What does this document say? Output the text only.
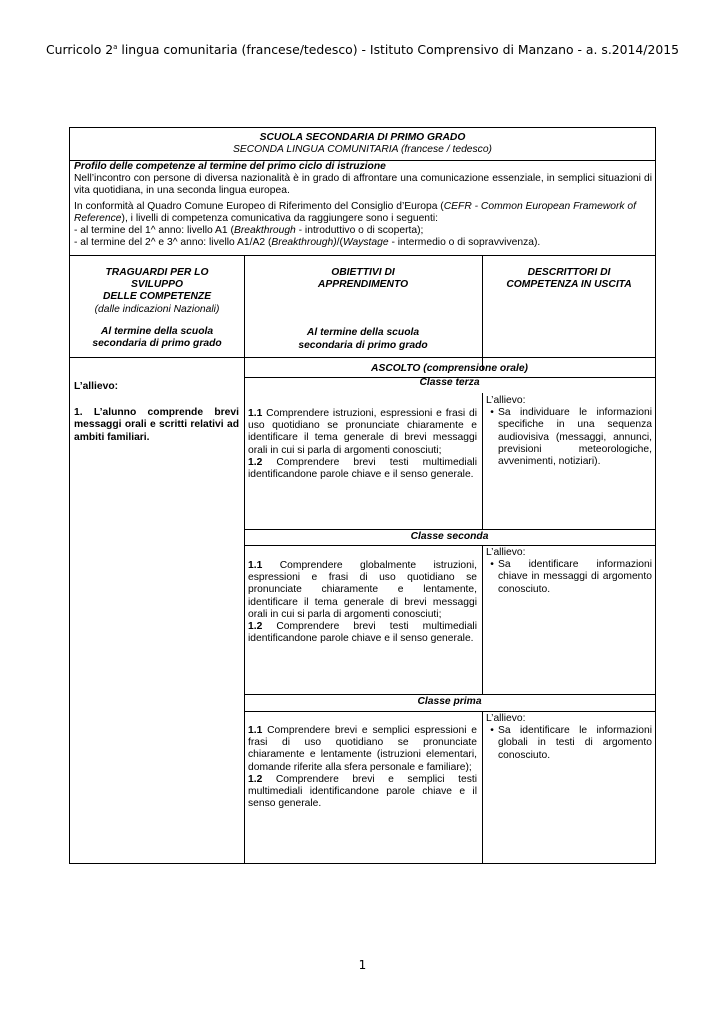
Curricolo 2$^a$ lingua comunitaria (francese/tedesco) - Istituto Comprensivo di Manzano - a. s.2014/2015

SCUOLA SECONDARIA DI PRIMO GRADO

SECONDA LINGUA COMUNITARIA (francese / tedesco)

Profilo delle competenze al termine del primo ciclo di istruzione

Nell’incontro con persone di diversa nazionalità è in grado di affrontare una comunicazione essenziale, in semplici situazioni di vita quotidiana, in una seconda lingua europea.

In conformità al Quadro Comune Europeo di Riferimento del Consiglio d’Europa (CEFR - Common European Framework of Reference), i livelli di competenza comunicativa da raggiungere sono i seguenti:

- al termine del 1^ anno: livello A1 (Breakthrough - introduttivo o di scoperta);

- al termine del 2^ e 3^ anno: livello A1/A2 (Breakthrough)/(Waystage - intermedio o di sopravvivenza).

TRAGUARDI PER LO

SVILUPPO

DELLE COMPETENZE

(dalle indicazioni Nazionali)

Al termine della scuola

secondaria di primo grado

OBIETTIVI DI

APPRENDIMENTO

Al termine della scuola

secondaria di primo grado

DESCRITTORI DI

COMPETENZA IN USCITA

L’allievo:

1. L’alunno comprende brevi messaggi orali e scritti relativi ad ambiti familiari.

ASCOLTO (comprensione orale)
Classe terza

1.1 Comprendere istruzioni, espressioni e frasi di uso quotidiano se pronunciate chiaramente e identificare il tema generale di brevi messaggi orali in cui si parla di argomenti conosciuti;

1.2 Comprendere brevi testi multimediali identificandone parole chiave e il senso generale.

L’allievo:

• Sa individuare le informazioni specifiche in una sequenza audiovisiva (messaggi, annunci, previsioni meteorologiche, avvenimenti, notiziari).
Classe seconda

1.1 Comprendere globalmente istruzioni, espressioni e frasi di uso quotidiano se pronunciate chiaramente e lentamente, identificare il tema generale di brevi messaggi orali in cui si parla di argomenti conosciuti;

1.2 Comprendere brevi testi multimediali identificandone parole chiave e il senso generale.

L’allievo:

• Sa identificare informazioni chiave in messaggi di argomento conosciuto.
Classe prima

1.1 Comprendere brevi e semplici espressioni e frasi di uso quotidiano se pronunciate chiaramente e lentamente (istruzioni elementari, domande riferite alla sfera personale e familiare);

1.2 Comprendere brevi e semplici testi multimediali identificandone parole chiave e il senso generale.

L’allievo:

• Sa identificare le informazioni globali in testi di argomento conosciuto.
1
